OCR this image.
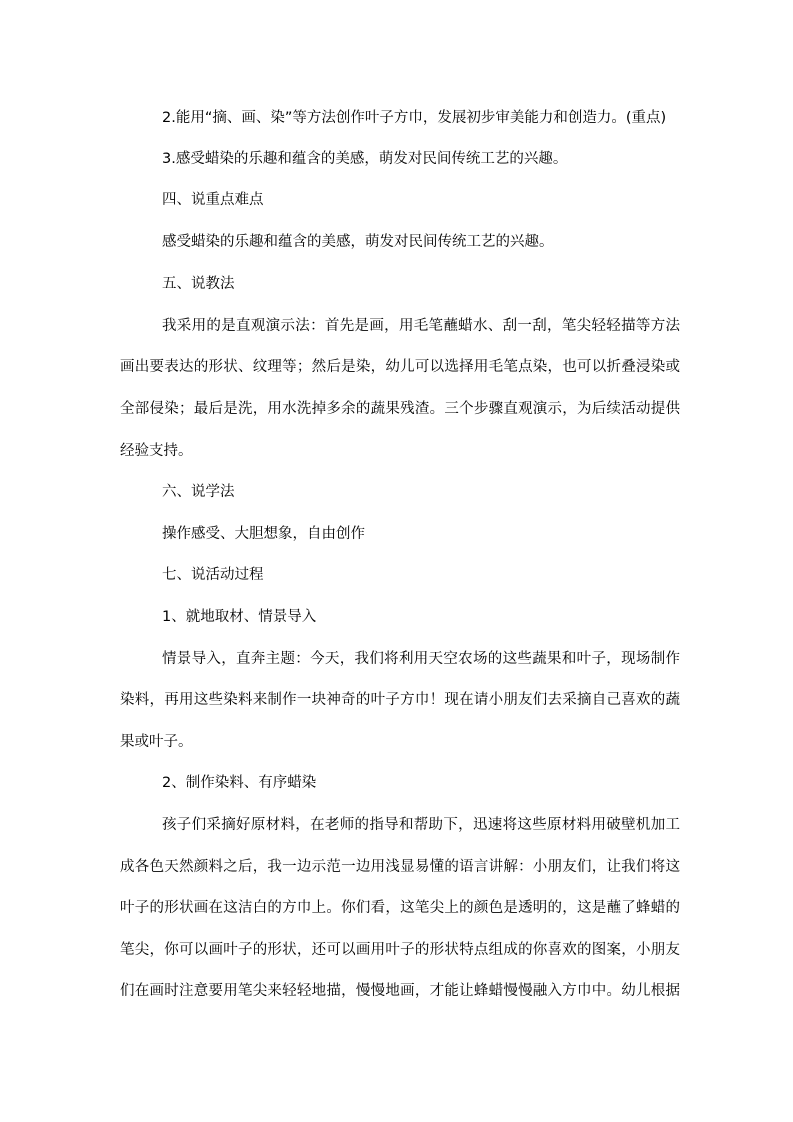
2.能用“摘、画、染”等方法创作叶子方巾，发展初步审美能力和创造力。(重点)
3.感受蜡染的乐趣和蕴含的美感，萌发对民间传统工艺的兴趣。
四、说重点难点
感受蜡染的乐趣和蕴含的美感，萌发对民间传统工艺的兴趣。
五、说教法
我采用的是直观演示法：首先是画，用毛笔蘸蜡水、刮一刮，笔尖轻轻描等方法
画出要表达的形状、纹理等；然后是染，幼儿可以选择用毛笔点染，也可以折叠浸染或
全部侵染；最后是洗，用水洗掉多余的蔬果残渣。三个步骤直观演示，为后续活动提供
经验支持。
六、说学法
操作感受、大胆想象，自由创作
七、说活动过程
1、就地取材、情景导入
情景导入，直奔主题：今天，我们将利用天空农场的这些蔬果和叶子，现场制作
染料，再用这些染料来制作一块神奇的叶子方巾！现在请小朋友们去采摘自己喜欢的蔬
果或叶子。
2、制作染料、有序蜡染
孩子们采摘好原材料，在老师的指导和帮助下，迅速将这些原材料用破壁机加工
成各色天然颜料之后，我一边示范一边用浅显易懂的语言讲解：小朋友们，让我们将这
叶子的形状画在这洁白的方巾上。你们看，这笔尖上的颜色是透明的，这是蘸了蜂蜡的
笔尖，你可以画叶子的形状，还可以画用叶子的形状特点组成的你喜欢的图案，小朋友
们在画时注意要用笔尖来轻轻地描，慢慢地画，才能让蜂蜡慢慢融入方巾中。幼儿根据
